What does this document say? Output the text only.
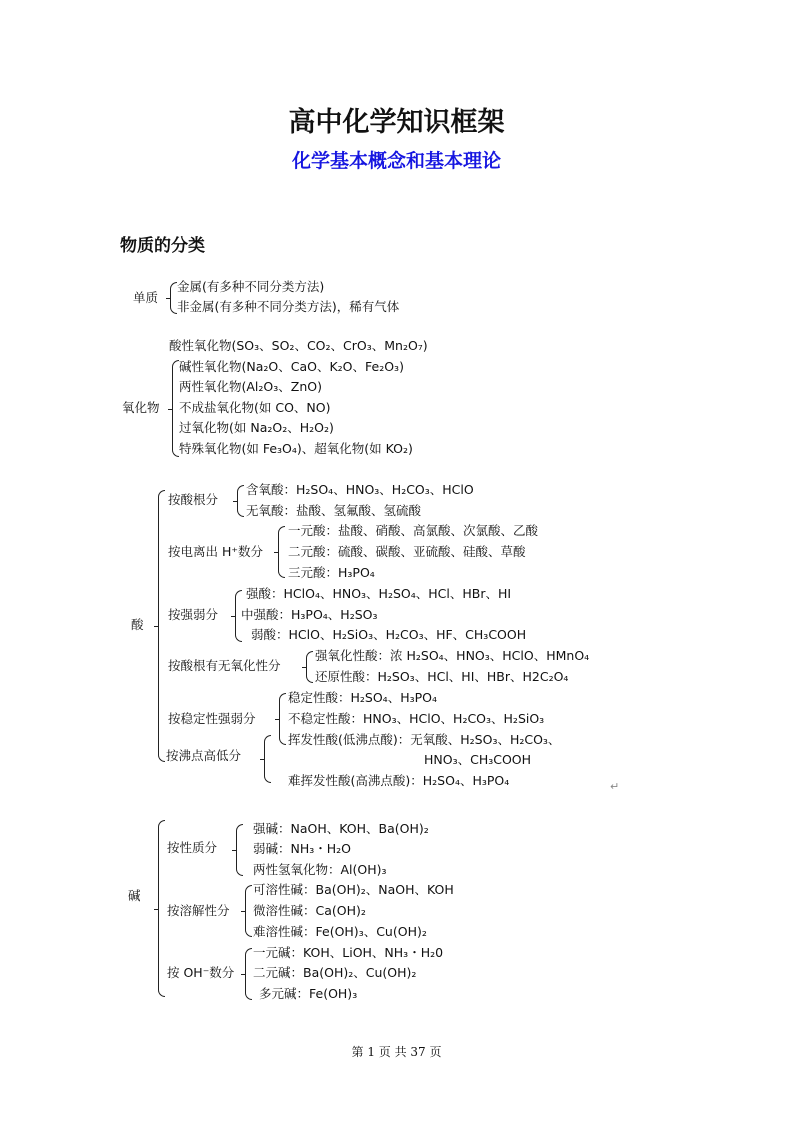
高中化学知识框架
化学基本概念和基本理论
物质的分类
单质
金属(有多种不同分类方法)
非金属(有多种不同分类方法)，稀有气体
氧化物
酸性氧化物(SO₃、SO₂、CO₂、CrO₃、Mn₂O₇)
碱性氧化物(Na₂O、CaO、K₂O、Fe₂O₃)
两性氧化物(Al₂O₃、ZnO)
不成盐氧化物(如 CO、NO)
过氧化物(如 Na₂O₂、H₂O₂)
特殊氧化物(如 Fe₃O₄)、超氧化物(如 KO₂)
酸
按酸根分
含氧酸：H₂SO₄、HNO₃、H₂CO₃、HClO
无氧酸：盐酸、氢氟酸、氢硫酸
按电离出 H⁺数分
一元酸：盐酸、硝酸、高氯酸、次氯酸、乙酸
二元酸：硫酸、碳酸、亚硫酸、硅酸、草酸
三元酸：H₃PO₄
按强弱分
强酸：HClO₄、HNO₃、H₂SO₄、HCl、HBr、HI
中强酸：H₃PO₄、H₂SO₃
弱酸：HClO、H₂SiO₃、H₂CO₃、HF、CH₃COOH
按酸根有无氧化性分
强氧化性酸：浓 H₂SO₄、HNO₃、HClO、HMnO₄
还原性酸：H₂SO₃、HCl、HI、HBr、H2C₂O₄
按稳定性强弱分
稳定性酸：H₂SO₄、H₃PO₄
不稳定性酸：HNO₃、HClO、H₂CO₃、H₂SiO₃
按沸点高低分
挥发性酸(低沸点酸)：无氧酸、H₂SO₃、H₂CO₃、
HNO₃、CH₃COOH
难挥发性酸(高沸点酸)：H₂SO₄、H₃PO₄	↵
碱
按性质分
强碱：NaOH、KOH、Ba(OH)₂
弱碱：NH₃・H₂O
两性氢氧化物：Al(OH)₃
按溶解性分
可溶性碱：Ba(OH)₂、NaOH、KOH
微溶性碱：Ca(OH)₂
难溶性碱：Fe(OH)₃、Cu(OH)₂
按 OH⁻数分
一元碱：KOH、LiOH、NH₃・H₂0
二元碱：Ba(OH)₂、Cu(OH)₂
多元碱：Fe(OH)₃
第 1 页 共 37 页
